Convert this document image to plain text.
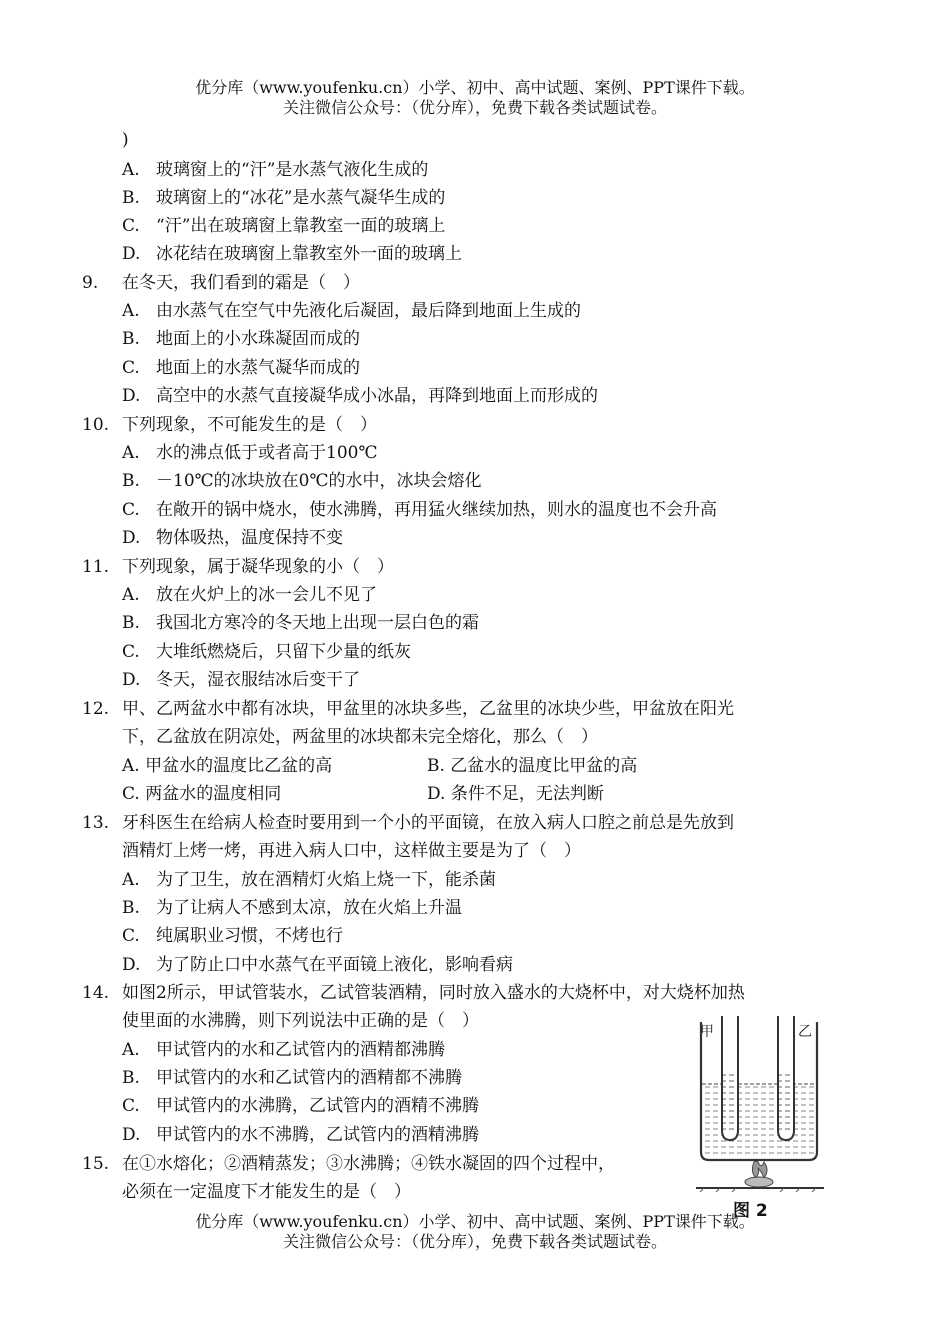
优分库（www.youfenku.cn）小学、初中、高中试题、案例、PPT课件下载。
关注微信公众号：（优分库），免费下载各类试题试卷。
)
A. 玻璃窗上的“汗”是水蒸气液化生成的
B. 玻璃窗上的“冰花”是水蒸气凝华生成的
C. “汗”出在玻璃窗上靠教室一面的玻璃上
D. 冰花结在玻璃窗上靠教室外一面的玻璃上
9. 在冬天，我们看到的霜是（　）
A. 由水蒸气在空气中先液化后凝固，最后降到地面上生成的
B. 地面上的小水珠凝固而成的
C. 地面上的水蒸气凝华而成的
D. 高空中的水蒸气直接凝华成小冰晶，再降到地面上而形成的
10. 下列现象，不可能发生的是（　）
A. 水的沸点低于或者高于100℃
B. －10℃的冰块放在0℃的水中，冰块会熔化
C. 在敞开的锅中烧水，使水沸腾，再用猛火继续加热，则水的温度也不会升高
D. 物体吸热，温度保持不变
11. 下列现象，属于凝华现象的小（　）
A. 放在火炉上的冰一会儿不见了
B. 我国北方寒冷的冬天地上出现一层白色的霜
C. 大堆纸燃烧后，只留下少量的纸灰
D. 冬天，湿衣服结冰后变干了
12. 甲、乙两盆水中都有冰块，甲盆里的冰块多些，乙盆里的冰块少些，甲盆放在阳光
下，乙盆放在阴凉处，两盆里的冰块都未完全熔化，那么（　）
A. 甲盆水的温度比乙盆的高	B. 乙盆水的温度比甲盆的高
C. 两盆水的温度相同	D. 条件不足，无法判断
13. 牙科医生在给病人检查时要用到一个小的平面镜，在放入病人口腔之前总是先放到
酒精灯上烤一烤，再进入病人口中，这样做主要是为了（　）
A. 为了卫生，放在酒精灯火焰上烧一下，能杀菌
B. 为了让病人不感到太凉，放在火焰上升温
C. 纯属职业习惯，不烤也行
D. 为了防止口中水蒸气在平面镜上液化，影响看病
14. 如图2所示，甲试管装水，乙试管装酒精，同时放入盛水的大烧杯中，对大烧杯加热
使里面的水沸腾，则下列说法中正确的是（　）
A. 甲试管内的水和乙试管内的酒精都沸腾
B. 甲试管内的水和乙试管内的酒精都不沸腾
C. 甲试管内的水沸腾，乙试管内的酒精不沸腾
D. 甲试管内的水不沸腾，乙试管内的酒精沸腾
15. 在①水熔化；②酒精蒸发；③水沸腾；④铁水凝固的四个过程中，
必须在一定温度下才能发生的是（　）
甲	乙
图 2
优分库（www.youfenku.cn）小学、初中、高中试题、案例、PPT课件下载。
关注微信公众号：（优分库），免费下载各类试题试卷。
